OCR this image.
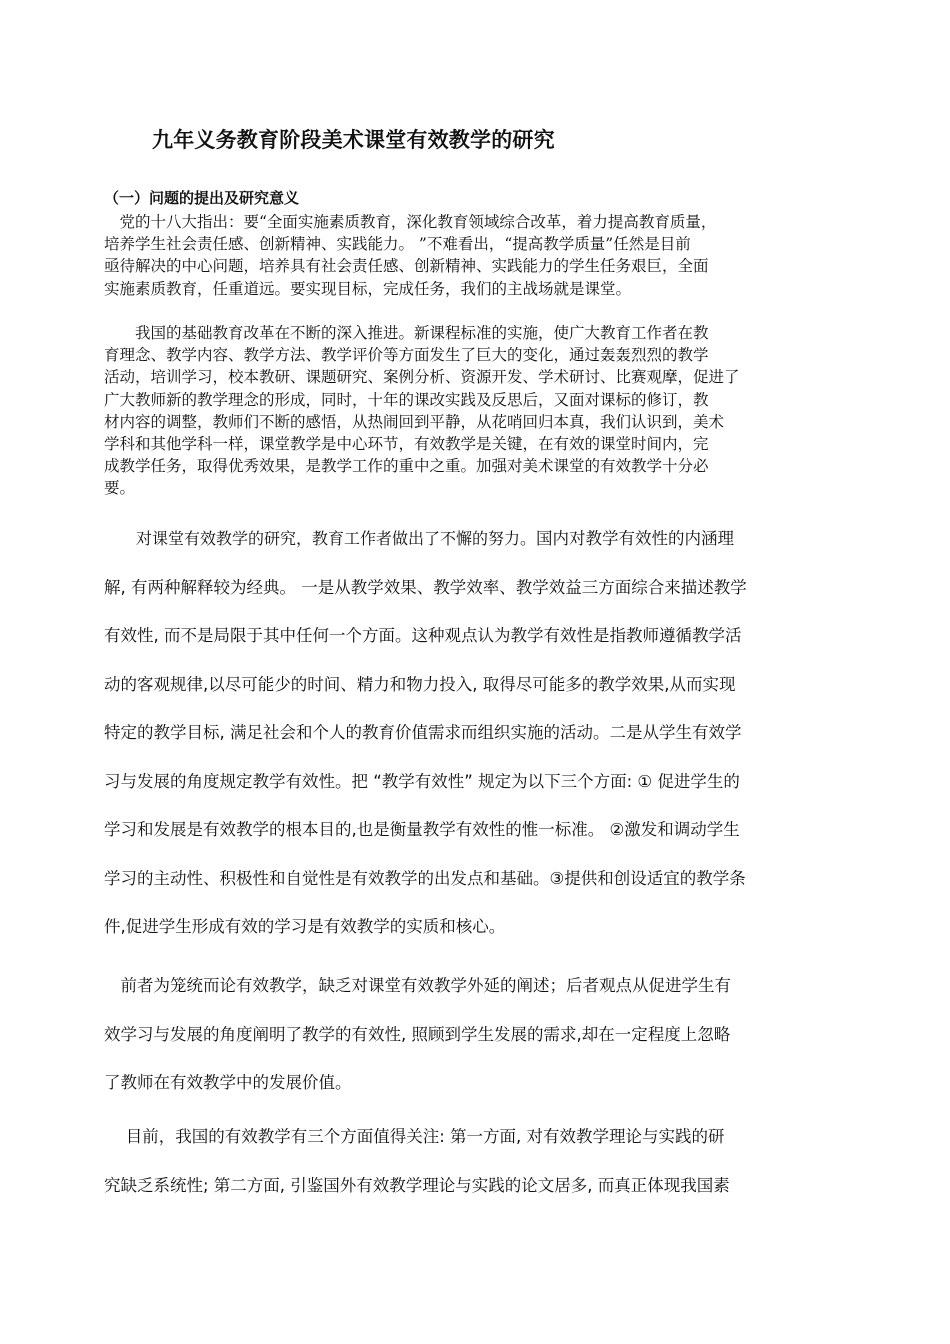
九年义务教育阶段美术课堂有效教学的研究
（一）问题的提出及研究意义
　党的十八大指出：要“全面实施素质教育，深化教育领域综合改革，着力提高教育质量，
培养学生社会责任感、创新精神、实践能力。 ”不难看出，“提高教学质量”任然是目前
亟待解决的中心问题，培养具有社会责任感、创新精神、实践能力的学生任务艰巨，全面
实施素质教育，任重道远。要实现目标，完成任务，我们的主战场就是课堂。
　　我国的基础教育改革在不断的深入推进。新课程标准的实施，使广大教育工作者在教
育理念、教学内容、教学方法、教学评价等方面发生了巨大的变化，通过轰轰烈烈的教学
活动，培训学习，校本教研、课题研究、案例分析、资源开发、学术研讨、比赛观摩，促进了
广大教师新的教学理念的形成，同时，十年的课改实践及反思后，又面对课标的修订，教
材内容的调整，教师们不断的感悟，从热闹回到平静，从花哨回归本真，我们认识到，美术
学科和其他学科一样，课堂教学是中心环节，有效教学是关键，在有效的课堂时间内，完
成教学任务，取得优秀效果，是教学工作的重中之重。加强对美术课堂的有效教学十分必
要。
　　对课堂有效教学的研究，教育工作者做出了不懈的努力。国内对教学有效性的内涵理
解, 有两种解释较为经典。 一是从教学效果、教学效率、教学效益三方面综合来描述教学
有效性, 而不是局限于其中任何一个方面。这种观点认为教学有效性是指教师遵循教学活
动的客观规律,以尽可能少的时间、精力和物力投入, 取得尽可能多的教学效果,从而实现
特定的教学目标, 满足社会和个人的教育价值需求而组织实施的活动。二是从学生有效学
习与发展的角度规定教学有效性。把 “教学有效性” 规定为以下三个方面: ① 促进学生的
学习和发展是有效教学的根本目的,也是衡量教学有效性的惟一标准。 ②激发和调动学生
学习的主动性、积极性和自觉性是有效教学的出发点和基础。③提供和创设适宜的教学条
件,促进学生形成有效的学习是有效教学的实质和核心。
　前者为笼统而论有效教学，缺乏对课堂有效教学外延的阐述；后者观点从促进学生有
效学习与发展的角度阐明了教学的有效性, 照顾到学生发展的需求,却在一定程度上忽略
了教师在有效教学中的发展价值。
　 目前，我国的有效教学有三个方面值得关注: 第一方面, 对有效教学理论与实践的研
究缺乏系统性; 第二方面, 引鉴国外有效教学理论与实践的论文居多, 而真正体现我国素
